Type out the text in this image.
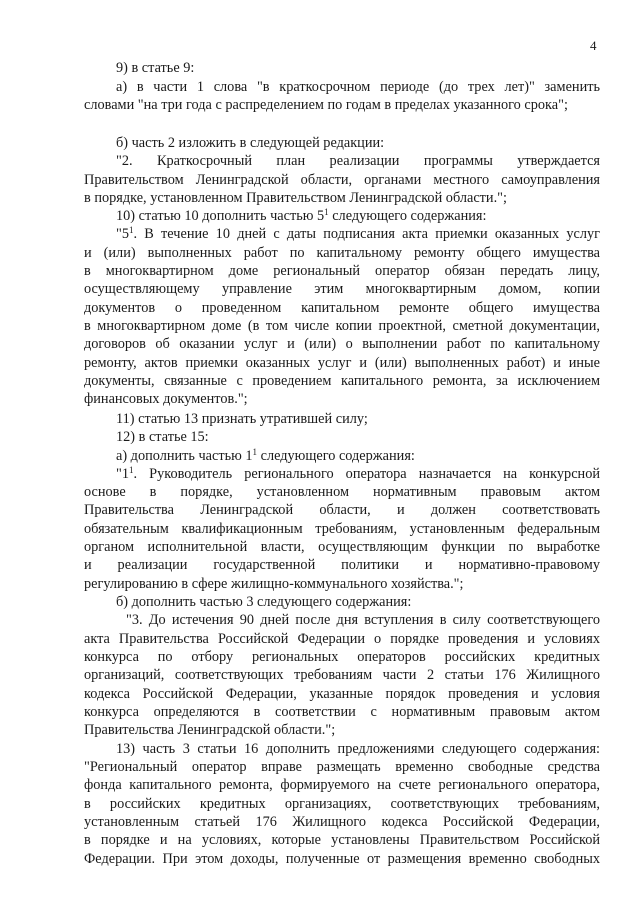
4
9) в статье 9:
а) в части 1 слова "в краткосрочном периоде (до трех лет)" заменить
словами "на три года с распределением по годам в пределах указанного срока";
б) часть 2 изложить в следующей редакции:
"2. Краткосрочный план реализации программы утверждается
Правительством Ленинградской области, органами местного самоуправления
в порядке, установленном Правительством Ленинградской области.";
10) статью 10 дополнить частью $5^1$ следующего содержания:
"$5^1$. В течение 10 дней с даты подписания акта приемки оказанных услуг
и (или) выполненных работ по капитальному ремонту общего имущества
в многоквартирном доме региональный оператор обязан передать лицу,
осуществляющему управление этим многоквартирным домом, копии
документов о проведенном капитальном ремонте общего имущества
в многоквартирном доме (в том числе копии проектной, сметной документации,
договоров об оказании услуг и (или) о выполнении работ по капитальному
ремонту, актов приемки оказанных услуг и (или) выполненных работ) и иные
документы, связанные с проведением капитального ремонта, за исключением
финансовых документов.";
11) статью 13 признать утратившей силу;
12) в статье 15:
а) дополнить частью $1^1$ следующего содержания:
"$1^1$. Руководитель регионального оператора назначается на конкурсной
основе в порядке, установленном нормативным правовым актом
Правительства Ленинградской области, и должен соответствовать
обязательным квалификационным требованиям, установленным федеральным
органом исполнительной власти, осуществляющим функции по выработке
и реализации государственной политики и нормативно-правовому
регулированию в сфере жилищно-коммунального хозяйства.";
б) дополнить частью 3 следующего содержания:
"3. До истечения 90 дней после дня вступления в силу соответствующего
акта Правительства Российской Федерации о порядке проведения и условиях
конкурса по отбору региональных операторов российских кредитных
организаций, соответствующих требованиям части 2 статьи 176 Жилищного
кодекса Российской Федерации, указанные порядок проведения и условия
конкурса определяются в соответствии с нормативным правовым актом
Правительства Ленинградской области.";
13) часть 3 статьи 16 дополнить предложениями следующего содержания:
"Региональный оператор вправе размещать временно свободные средства
фонда капитального ремонта, формируемого на счете регионального оператора,
в российских кредитных организациях, соответствующих требованиям,
установленным статьей 176 Жилищного кодекса Российской Федерации,
в порядке и на условиях, которые установлены Правительством Российской
Федерации. При этом доходы, полученные от размещения временно свободных
